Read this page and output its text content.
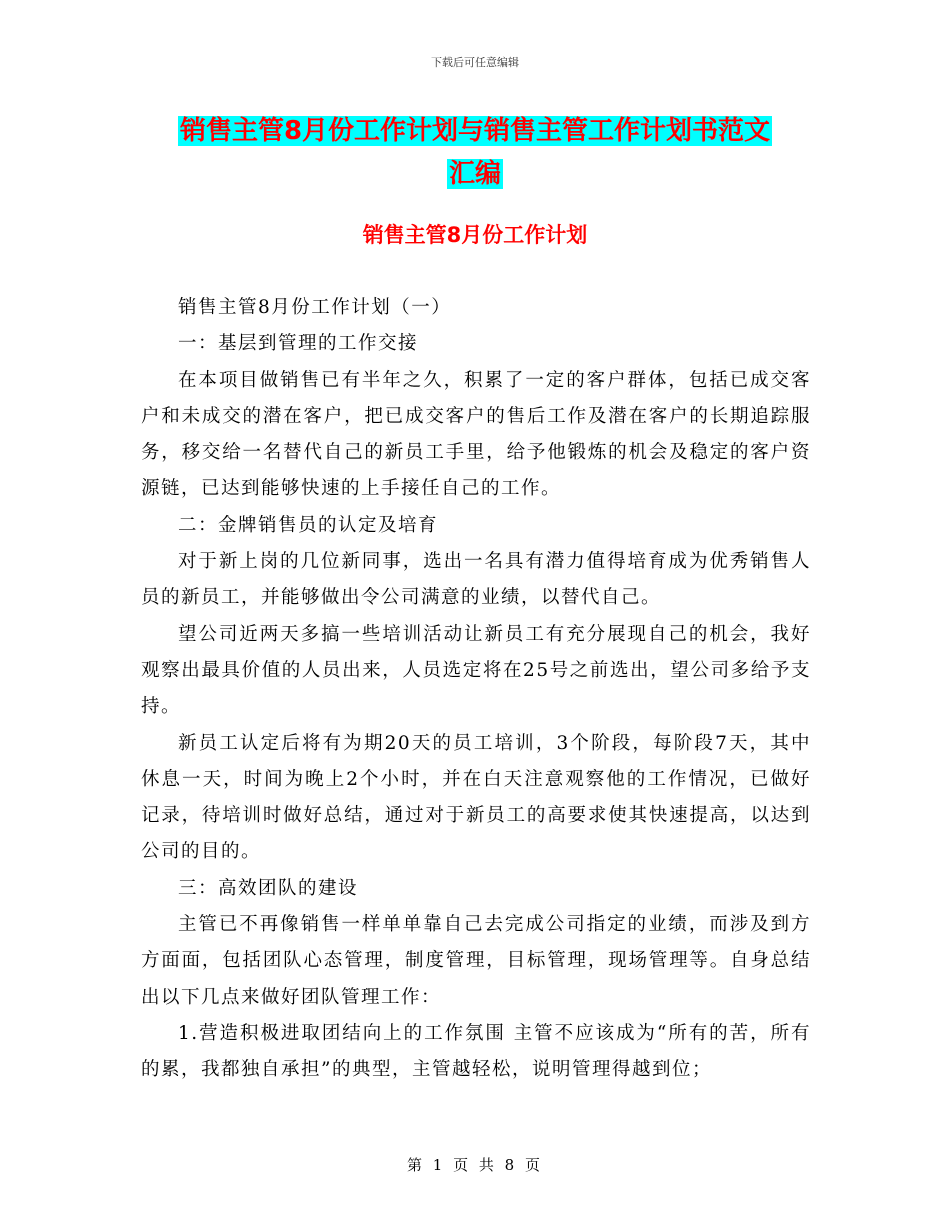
下载后可任意编辑
销售主管8月份工作计划与销售主管工作计划书范文
汇编
销售主管8月份工作计划

销售主管8月份工作计划（一）

一：基层到管理的工作交接

在本项目做销售已有半年之久，积累了一定的客户群体，包括已成交客户和未成交的潜在客户，把已成交客户的售后工作及潜在客户的长期追踪服务，移交给一名替代自己的新员工手里，给予他锻炼的机会及稳定的客户资源链，已达到能够快速的上手接任自己的工作。

二：金牌销售员的认定及培育

对于新上岗的几位新同事，选出一名具有潜力值得培育成为优秀销售人员的新员工，并能够做出令公司满意的业绩，以替代自己。

望公司近两天多搞一些培训活动让新员工有充分展现自己的机会，我好观察出最具价值的人员出来，人员选定将在25号之前选出，望公司多给予支持。

新员工认定后将有为期20天的员工培训，3个阶段，每阶段7天，其中休息一天，时间为晚上2个小时，并在白天注意观察他的工作情况，已做好记录，待培训时做好总结，通过对于新员工的高要求使其快速提高，以达到公司的目的。

三：高效团队的建设

主管已不再像销售一样单单靠自己去完成公司指定的业绩，而涉及到方方面面，包括团队心态管理，制度管理，目标管理，现场管理等。自身总结出以下几点来做好团队管理工作：

1.营造积极进取团结向上的工作氛围 主管不应该成为“所有的苦，所有的累，我都独自承担”的典型，主管越轻松，说明管理得越到位；

第 1 页 共 8 页
